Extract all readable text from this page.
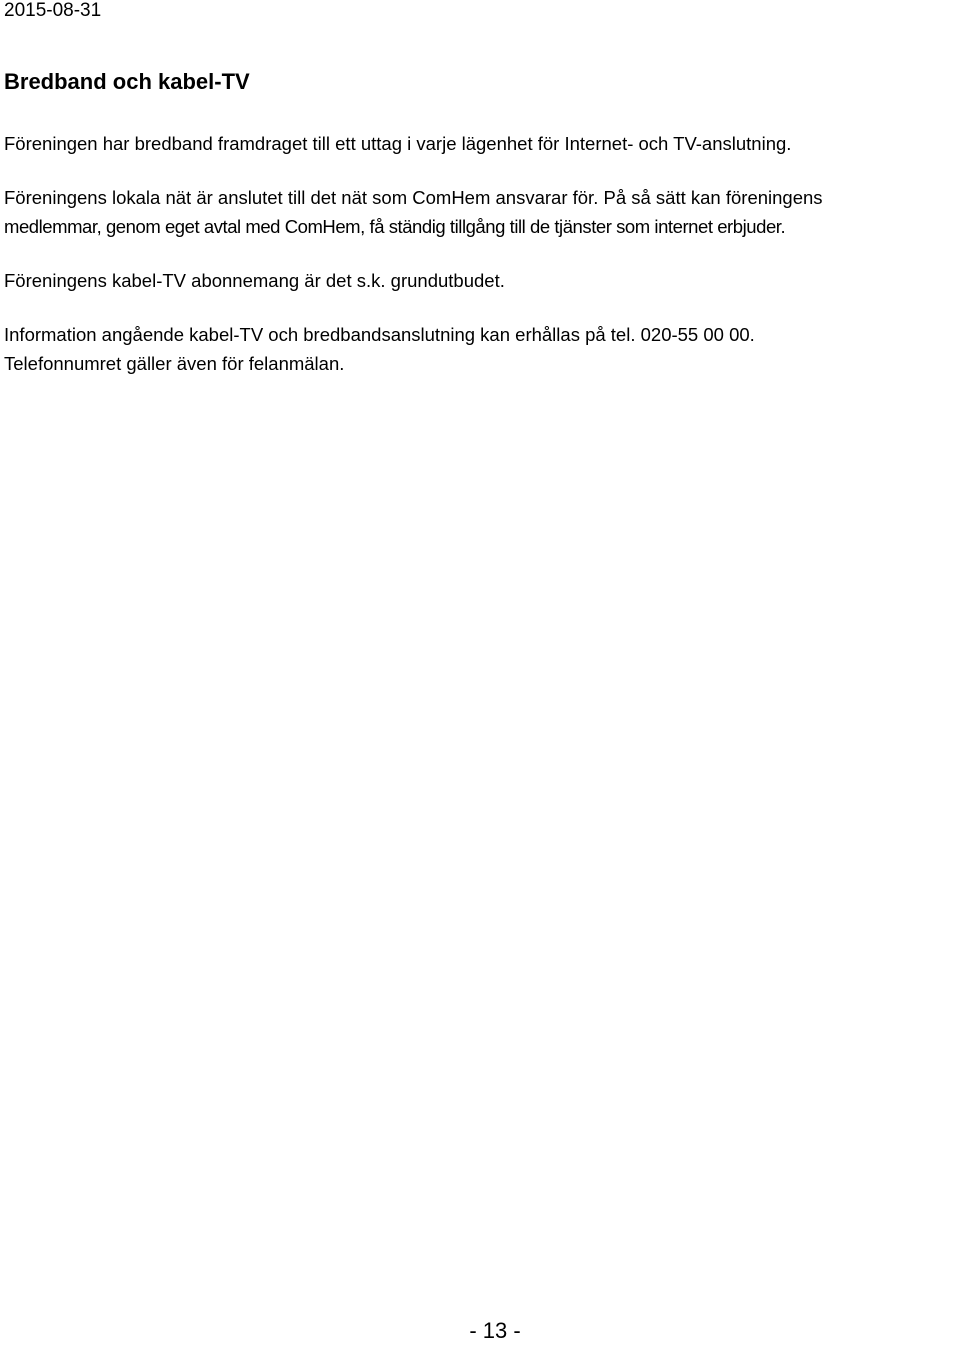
2015-08-31
Bredband och kabel-TV

Föreningen har bredband framdraget till ett uttag i varje lägenhet för Internet- och TV-anslutning.

Föreningens lokala nät är anslutet till det nät som ComHem ansvarar för. På så sätt kan föreningens

medlemmar, genom eget avtal med ComHem, få ständig tillgång till de tjänster som internet erbjuder.

Föreningens kabel-TV abonnemang är det s.k. grundutbudet.

Information angående kabel-TV och bredbandsanslutning kan erhållas på tel. 020-55 00 00.

Telefonnumret gäller även för felanmälan.

- 13 -
